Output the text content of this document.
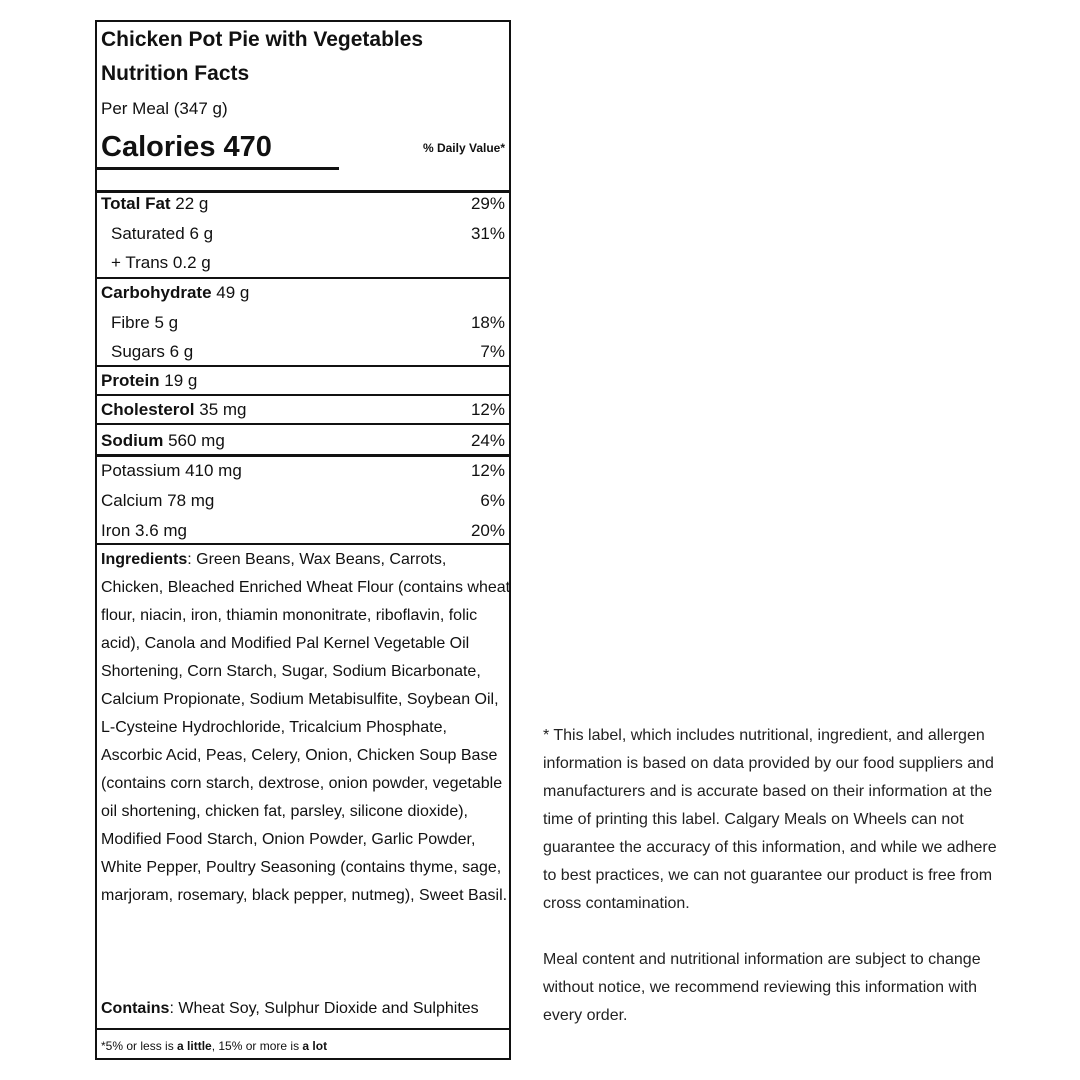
Chicken Pot Pie with Vegetables
Nutrition Facts
Per Meal (347 g)
Calories 470	% Daily Value*
Total Fat 22 g	29%
Saturated 6 g	31%
+ Trans 0.2 g
Carbohydrate 49 g
Fibre 5 g	18%
Sugars 6 g	7%
Protein 19 g
Cholesterol 35 mg	12%
Sodium 560 mg	24%
Potassium 410 mg	12%
Calcium 78 mg	6%
Iron 3.6 mg	20%
Ingredients: Green Beans, Wax Beans, Carrots, Chicken, Bleached Enriched Wheat Flour (contains wheat flour, niacin, iron, thiamin mononitrate, riboflavin, folic acid), Canola and Modified Pal Kernel Vegetable Oil Shortening, Corn Starch, Sugar, Sodium Bicarbonate, Calcium Propionate, Sodium Metabisulfite, Soybean Oil, L-Cysteine Hydrochloride, Tricalcium Phosphate, Ascorbic Acid, Peas, Celery, Onion, Chicken Soup Base (contains corn starch, dextrose, onion powder, vegetable oil shortening, chicken fat, parsley, silicone dioxide), Modified Food Starch, Onion Powder, Garlic Powder, White Pepper, Poultry Seasoning (contains thyme, sage, marjoram, rosemary, black pepper, nutmeg), Sweet Basil.
Contains: Wheat Soy, Sulphur Dioxide and Sulphites
*5% or less is a little, 15% or more is a lot

* This label, which includes nutritional, ingredient, and allergen information is based on data provided by our food suppliers and manufacturers and is accurate based on their information at the time of printing this label. Calgary Meals on Wheels can not guarantee the accuracy of this information, and while we adhere to best practices, we can not guarantee our product is free from cross contamination.

Meal content and nutritional information are subject to change without notice, we recommend reviewing this information with every order.
